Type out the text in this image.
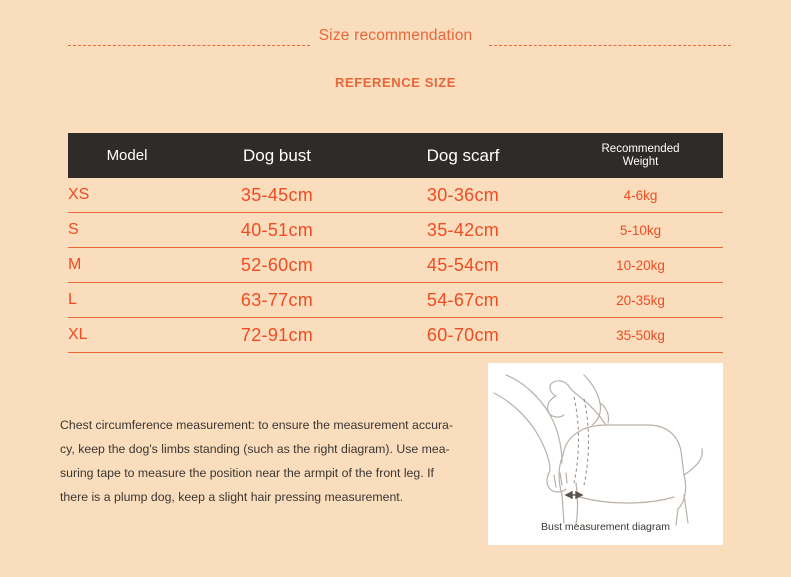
Size recommendation
REFERENCE SIZE
Model	Dog bust	Dog scarf	Recommended
Weight
XS	35-45cm	30-36cm	4-6kg
S	40-51cm	35-42cm	5-10kg
M	52-60cm	45-54cm	10-20kg
L	63-77cm	54-67cm	20-35kg
XL	72-91cm	60-70cm	35-50kg
Chest circumference measurement: to ensure the measurement accura-
cy, keep the dog's limbs standing (such as the right diagram). Use mea-
suring tape to measure the position near the armpit of the front leg. If
there is a plump dog, keep a slight hair pressing measurement.
Bust measurement diagram
